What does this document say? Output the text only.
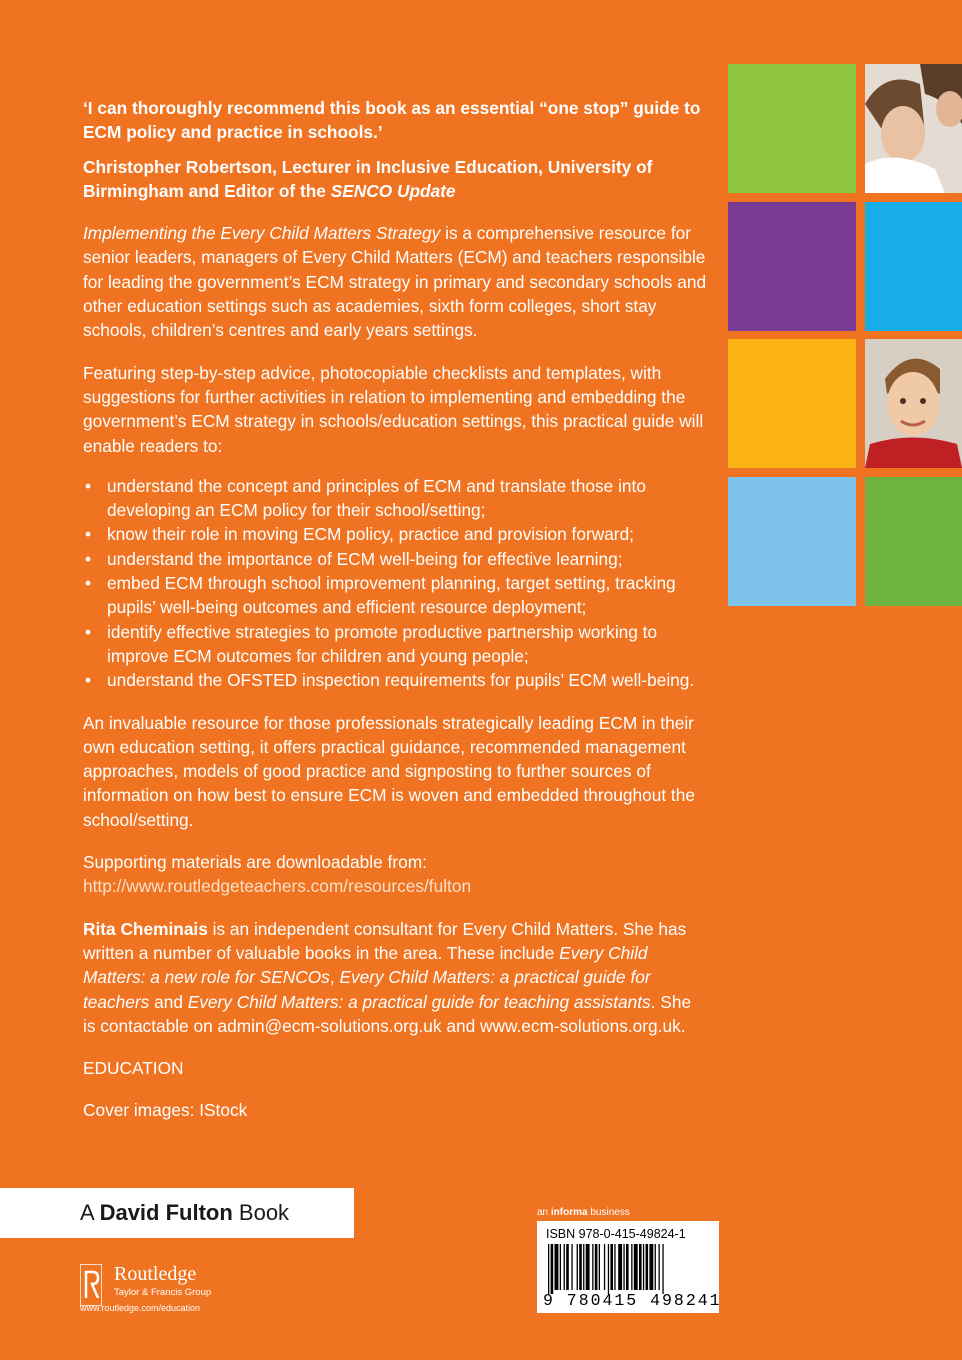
‘I can thoroughly recommend this book as an essential “one stop” guide to ECM policy and practice in schools.’

Christopher Robertson, Lecturer in Inclusive Education, University of Birmingham and Editor of the SENCO Update

Implementing the Every Child Matters Strategy is a comprehensive resource for senior leaders, managers of Every Child Matters (ECM) and teachers responsible for leading the government’s ECM strategy in primary and secondary schools and other education settings such as academies, sixth form colleges, short stay schools, children’s centres and early years settings.

Featuring step-by-step advice, photocopiable checklists and templates, with suggestions for further activities in relation to implementing and embedding the government’s ECM strategy in schools/education settings, this practical guide will enable readers to:

• understand the concept and principles of ECM and translate those into developing an ECM policy for their school/setting;
• know their role in moving ECM policy, practice and provision forward;
• understand the importance of ECM well-being for effective learning;
• embed ECM through school improvement planning, target setting, tracking pupils’ well-being outcomes and efficient resource deployment;
• identify effective strategies to promote productive partnership working to improve ECM outcomes for children and young people;
• understand the OFSTED inspection requirements for pupils’ ECM well-being.

An invaluable resource for those professionals strategically leading ECM in their own education setting, it offers practical guidance, recommended management approaches, models of good practice and signposting to further sources of information on how best to ensure ECM is woven and embedded throughout the school/setting.

Supporting materials are downloadable from:
http://www.routledgeteachers.com/resources/fulton

Rita Cheminais is an independent consultant for Every Child Matters. She has written a number of valuable books in the area. These include Every Child Matters: a new role for SENCOs, Every Child Matters: a practical guide for teachers and Every Child Matters: a practical guide for teaching assistants. She is contactable on admin@ecm-solutions.org.uk and www.ecm-solutions.org.uk.

EDUCATION

Cover images: IStock

A David Fulton Book
Routledge
Taylor & Francis Group
www.routledge.com/education
an informa business
ISBN 978-0-415-49824-1
9 780415 498241
